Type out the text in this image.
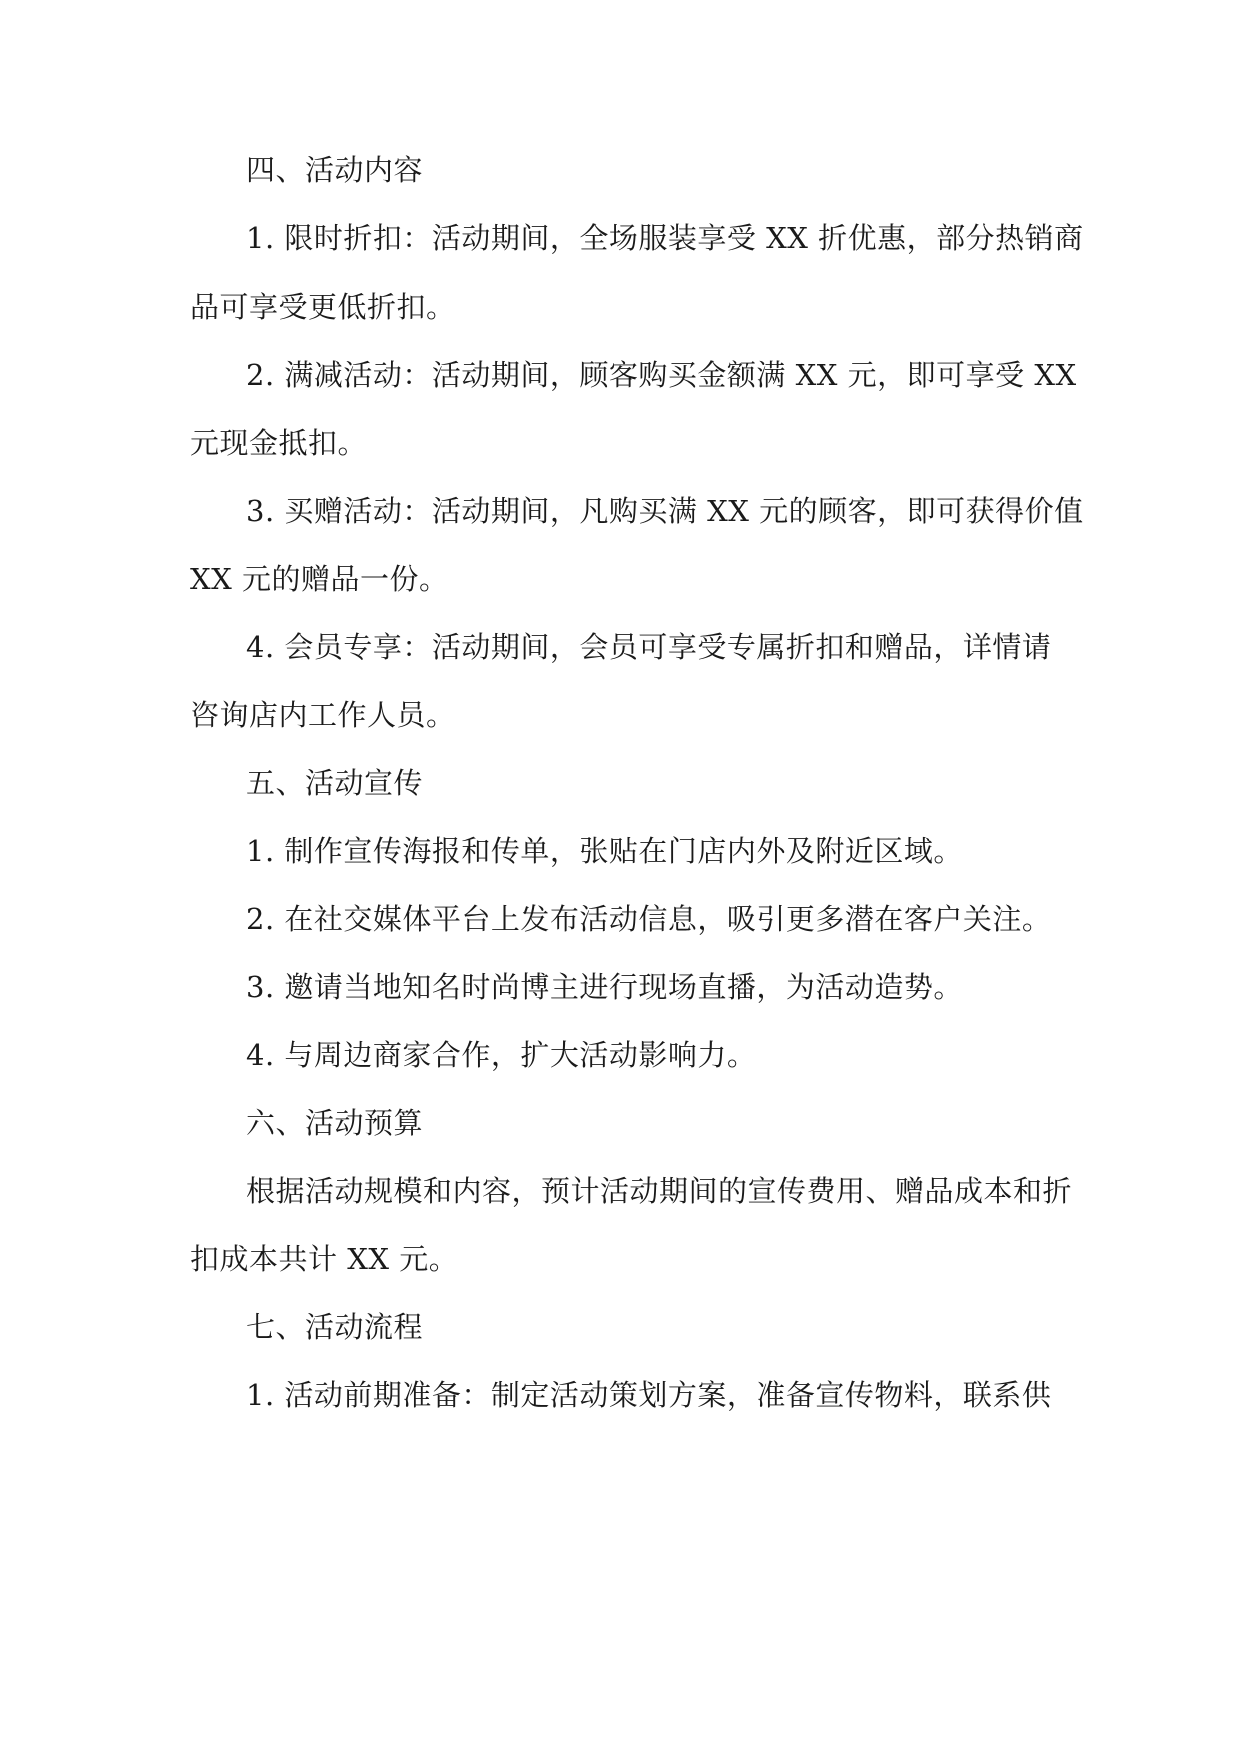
四、活动内容
1. 限时折扣：活动期间，全场服装享受 XX 折优惠，部分热销商
品可享受更低折扣。
2. 满减活动：活动期间，顾客购买金额满 XX 元，即可享受 XX
元现金抵扣。
3. 买赠活动：活动期间，凡购买满 XX 元的顾客，即可获得价值
XX 元的赠品一份。
4. 会员专享：活动期间，会员可享受专属折扣和赠品，详情请
咨询店内工作人员。
五、活动宣传
1. 制作宣传海报和传单，张贴在门店内外及附近区域。
2. 在社交媒体平台上发布活动信息，吸引更多潜在客户关注。
3. 邀请当地知名时尚博主进行现场直播，为活动造势。
4. 与周边商家合作，扩大活动影响力。
六、活动预算
根据活动规模和内容，预计活动期间的宣传费用、赠品成本和折
扣成本共计 XX 元。
七、活动流程
1. 活动前期准备：制定活动策划方案，准备宣传物料，联系供
